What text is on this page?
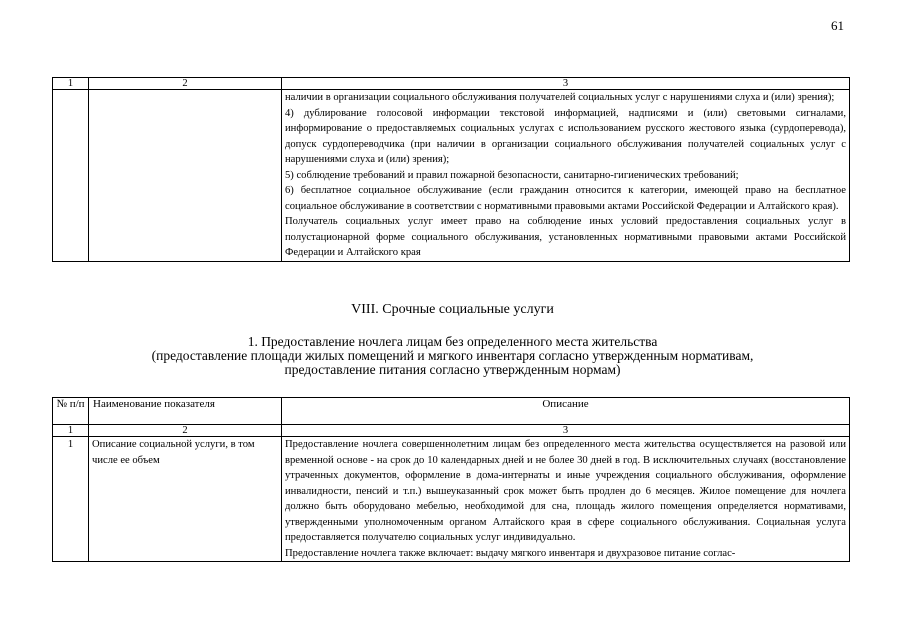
61
1	2	3

		наличии в организации социального обслуживания получателей социальных услуг с нарушениями слуха и (или) зрения);

4) дублирование голосовой информации текстовой информацией, надписями и (или) световыми сигналами, информирование о предоставляемых социальных услугах с использованием русского жестового языка (сурдоперевода), допуск сурдопереводчика (при наличии в организации социального обслуживания получателей социальных услуг с нарушениями слуха и (или) зрения);

5) соблюдение требований и правил пожарной безопасности, санитарно-гигиенических требований;

6) бесплатное социальное обслуживание (если гражданин относится к категории, имеющей право на бесплатное социальное обслуживание в соответствии с нормативными правовыми актами Российской Федерации и Алтайского края).

Получатель социальных услуг имеет право на соблюдение иных условий предоставления социальных услуг в полустационарной форме социального обслуживания, установленных нормативными правовыми актами Российской Федерации и Алтайского края

VIII. Срочные социальные услуги
1. Предоставление ночлега лицам без определенного места жительства
(предоставление площади жилых помещений и мягкого инвентаря согласно утвержденным нормативам,
предоставление питания согласно утвержденным нормам)
№ п/п	Наименование показателя	Описание
1	2	3
1	Описание социальной услуги, в том числе ее объем	Предоставление ночлега совершеннолетним лицам без определенного места жительства осуществляется на разовой или временной основе - на срок до 10 календарных дней и не более 30 дней в год. В исключительных случаях (восстановление утраченных документов, оформление в дома-интернаты и иные учреждения социального обслуживания, оформление инвалидности, пенсий и т.п.) вышеуказанный срок может быть продлен до 6 месяцев. Жилое помещение для ночлега должно быть оборудовано мебелью, необходимой для сна, площадь жилого помещения определяется нормативами, утвержденными уполномоченным органом Алтайского края в сфере социального обслуживания. Социальная услуга предоставляется получателю социальных услуг индивидуально.

Предоставление ночлега также включает: выдачу мягкого инвентаря и двухразовое питание соглас-
